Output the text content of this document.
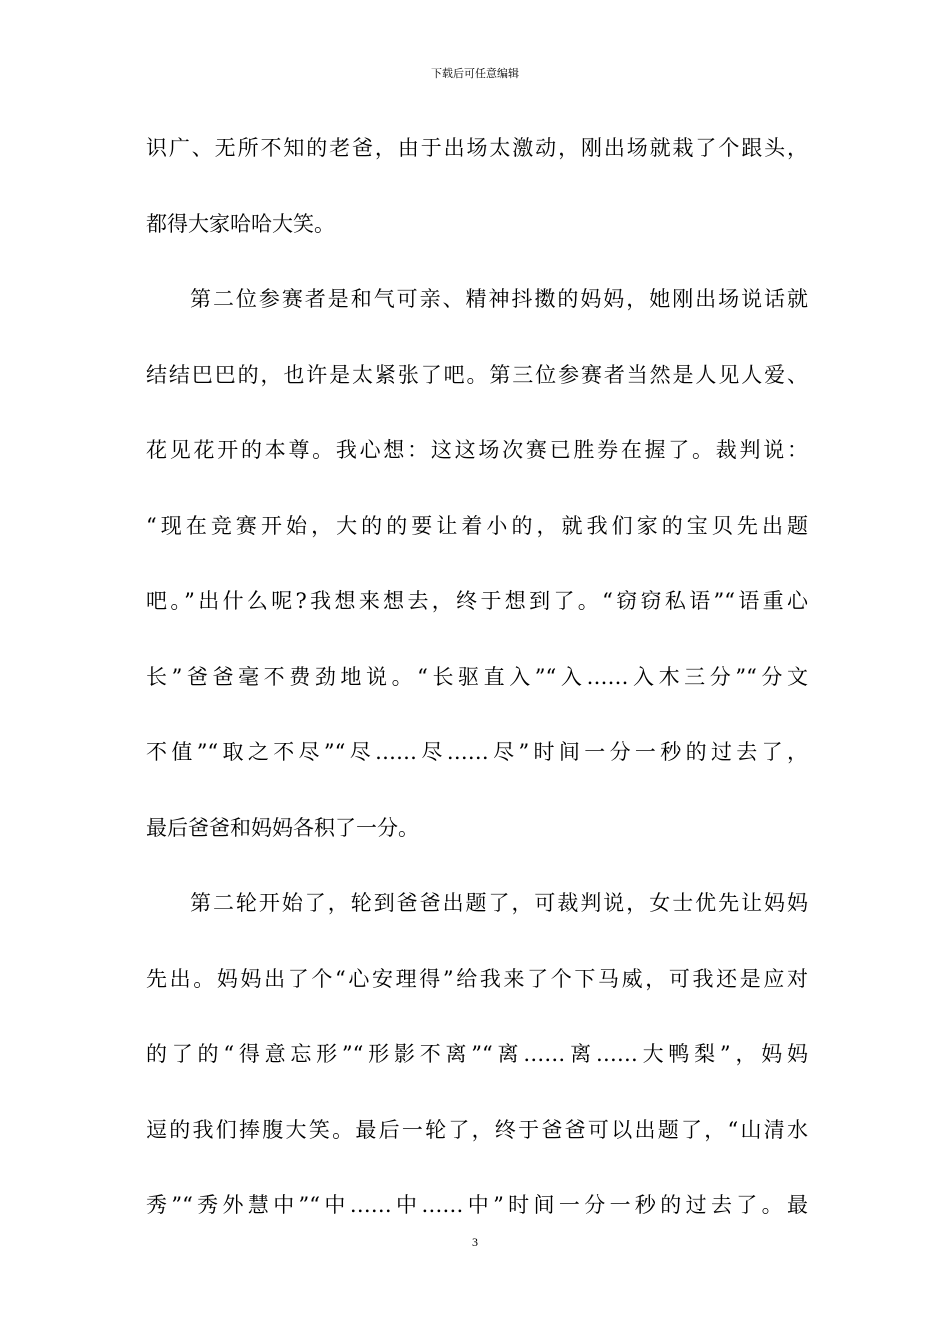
下载后可任意编辑
识广、无所不知的老爸，由于出场太激动，刚出场就栽了个跟头，
都得大家哈哈大笑。
第二位参赛者是和气可亲、精神抖擞的妈妈，她刚出场说话就
结结巴巴的，也许是太紧张了吧。第三位参赛者当然是人见人爱、
花见花开的本尊。我心想：这这场次赛已胜券在握了。裁判说：
“现在竞赛开始，大的的要让着小的，就我们家的宝贝先出题
吧。”出什么呢?我想来想去，终于想到了。“窃窃私语”“语重心
长”爸爸毫不费劲地说。“长驱直入”“入……入木三分”“分文
不值”“取之不尽”“尽……尽……尽”时间一分一秒的过去了，
最后爸爸和妈妈各积了一分。
第二轮开始了，轮到爸爸出题了，可裁判说，女士优先让妈妈
先出。妈妈出了个“心安理得”给我来了个下马威，可我还是应对
的了的“得意忘形”“形影不离”“离……离……大鸭梨”，妈妈
逗的我们捧腹大笑。最后一轮了，终于爸爸可以出题了，“山清水
秀”“秀外慧中”“中……中……中”时间一分一秒的过去了。最
3
